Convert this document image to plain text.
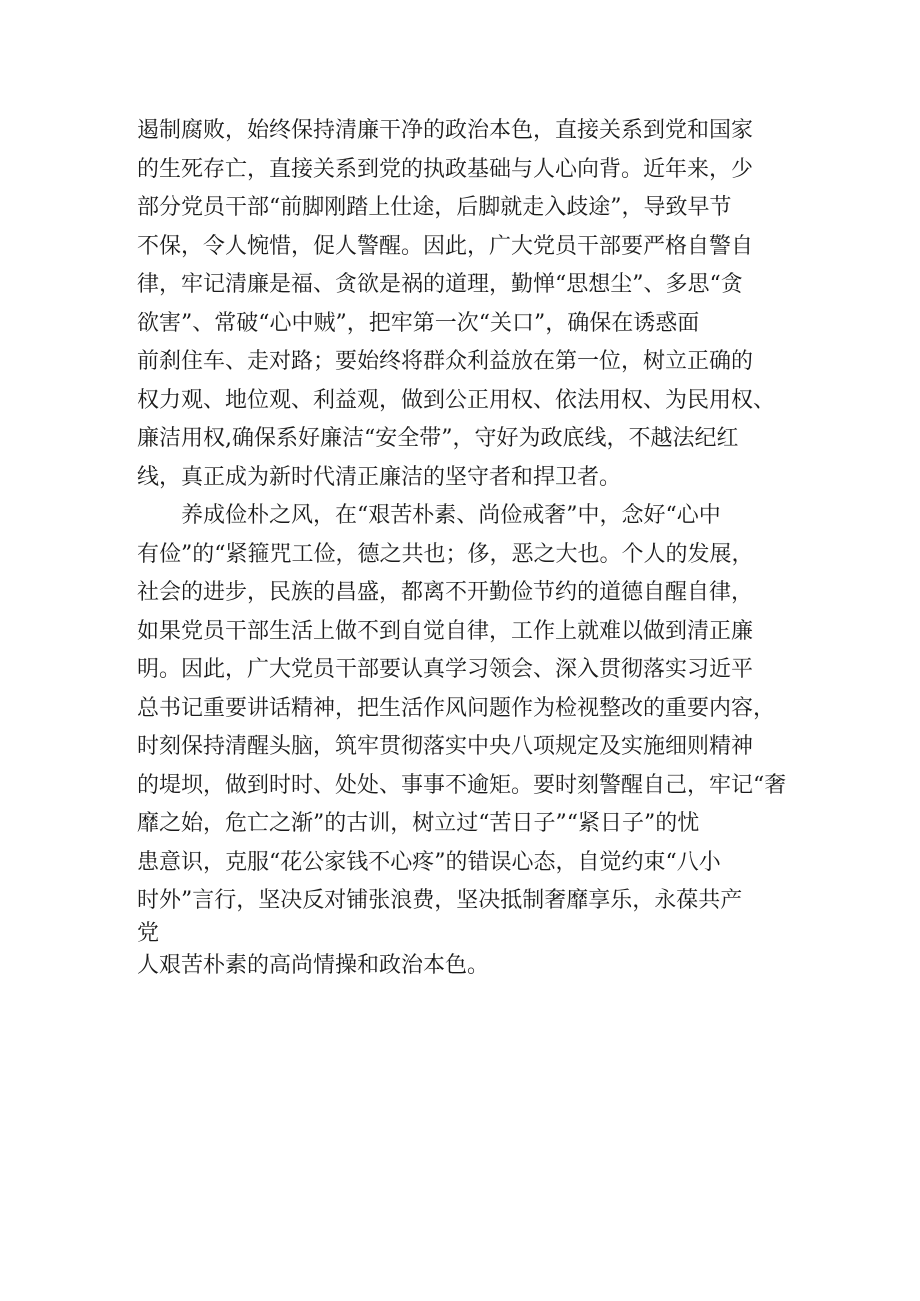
遏制腐败，始终保持清廉干净的政治本色，直接关系到党和国家
的生死存亡，直接关系到党的执政基础与人心向背。近年来，少
部分党员干部“前脚刚踏上仕途，后脚就走入歧途”，导致早节
不保，令人惋惜，促人警醒。因此，广大党员干部要严格自警自
律，牢记清廉是福、贪欲是祸的道理，勤惮“思想尘”、多思“贪
欲害”、常破“心中贼”，把牢第一次“关口”，确保在诱惑面
前刹住车、走对路；要始终将群众利益放在第一位，树立正确的
权力观、地位观、利益观，做到公正用权、依法用权、为民用权、
廉洁用权,确保系好廉洁“安全带”，守好为政底线，不越法纪红
线，真正成为新时代清正廉洁的坚守者和捍卫者。
养成俭朴之风，在“艰苦朴素、尚俭戒奢”中，念好“心中
有俭”的“紧箍咒工俭，德之共也；侈，恶之大也。个人的发展，
社会的进步，民族的昌盛，都离不开勤俭节约的道德自醒自律，
如果党员干部生活上做不到自觉自律，工作上就难以做到清正廉
明。因此，广大党员干部要认真学习领会、深入贯彻落实习近平
总书记重要讲话精神，把生活作风问题作为检视整改的重要内容，
时刻保持清醒头脑，筑牢贯彻落实中央八项规定及实施细则精神
的堤坝，做到时时、处处、事事不逾矩。要时刻警醒自己，牢记“奢
靡之始，危亡之渐”的古训，树立过“苦日子”“紧日子”的忧
患意识，克服“花公家钱不心疼”的错误心态，自觉约束“八小
时外”言行，坚决反对铺张浪费，坚决抵制奢靡享乐，永葆共产
党
人艰苦朴素的高尚情操和政治本色。
